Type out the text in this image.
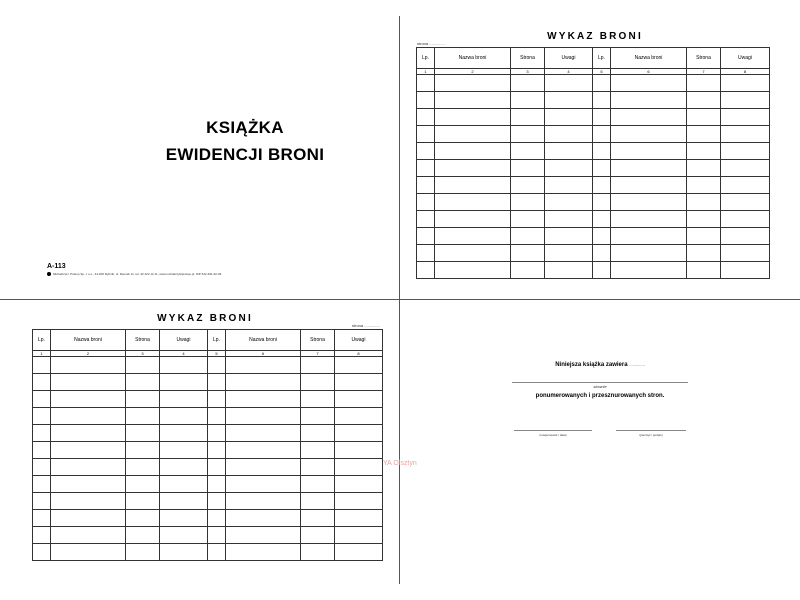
KSIĄŻKA
EWIDENCJI BRONI
A-113
Michalczyk i Prokop Sp. z o.o., 44-200 Rybnik, ul. Dworek 11, tel. 32 422 12 11, www.michalczykiprokop.pl, NIP 642-291-62-39
WYKAZ BRONI
strona ..............
Lp.	Nazwa broni	Strona	Uwagi	Lp.	Nazwa broni	Strona	Uwagi
1	2	3	4	5	6	7	8

WYKAZ BRONI
strona ..............
Lp.	Nazwa broni	Strona	Uwagi	Lp.	Nazwa broni	Strona	Uwagi
1	2	3	4	5	6	7	8

Niniejsza książka zawiera ..............
słownie
ponumerowanych i przesznurowanych stron.
(miejscowość i data)	(pieczęć i podpis)
YA Olsztyn
